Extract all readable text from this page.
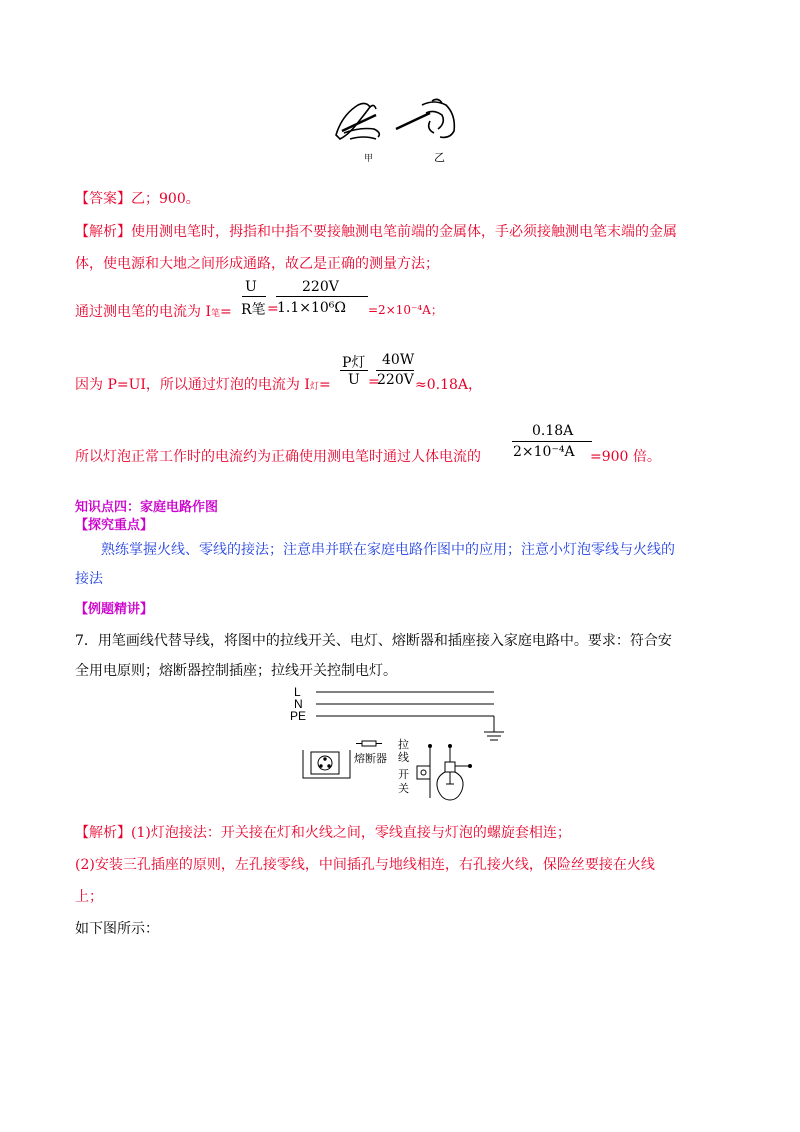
甲	乙
【答案】乙；900。
【解析】使用测电笔时，拇指和中指不要接触测电笔前端的金属体，手必须接触测电笔末端的金属
体，使电源和大地之间形成通路，故乙是正确的测量方法；
通过测电笔的电流为 I笔=
U
R笔 =
220V
1.1×10⁶Ω =2×10⁻⁴A；
因为 P=UI，所以通过灯泡的电流为 I灯=
P灯
U =
40W
220V ≈0.18A，
所以灯泡正常工作时的电流约为正确使用测电笔时通过人体电流的
0.18A
2×10⁻⁴A =900 倍。
知识点四：家庭电路作图
【探究重点】
熟练掌握火线、零线的接法；注意串并联在家庭电路作图中的应用；注意小灯泡零线与火线的
接法
【例题精讲】
7．用笔画线代替导线，将图中的拉线开关、电灯、熔断器和插座接入家庭电路中。要求：符合安
全用电原则；熔断器控制插座；拉线开关控制电灯。
L
N
PE
熔断器
拉
线
开
关
【解析】(1)灯泡接法：开关接在灯和火线之间，零线直接与灯泡的螺旋套相连；
(2)安装三孔插座的原则，左孔接零线，中间插孔与地线相连，右孔接火线，保险丝要接在火线
上；
如下图所示：
